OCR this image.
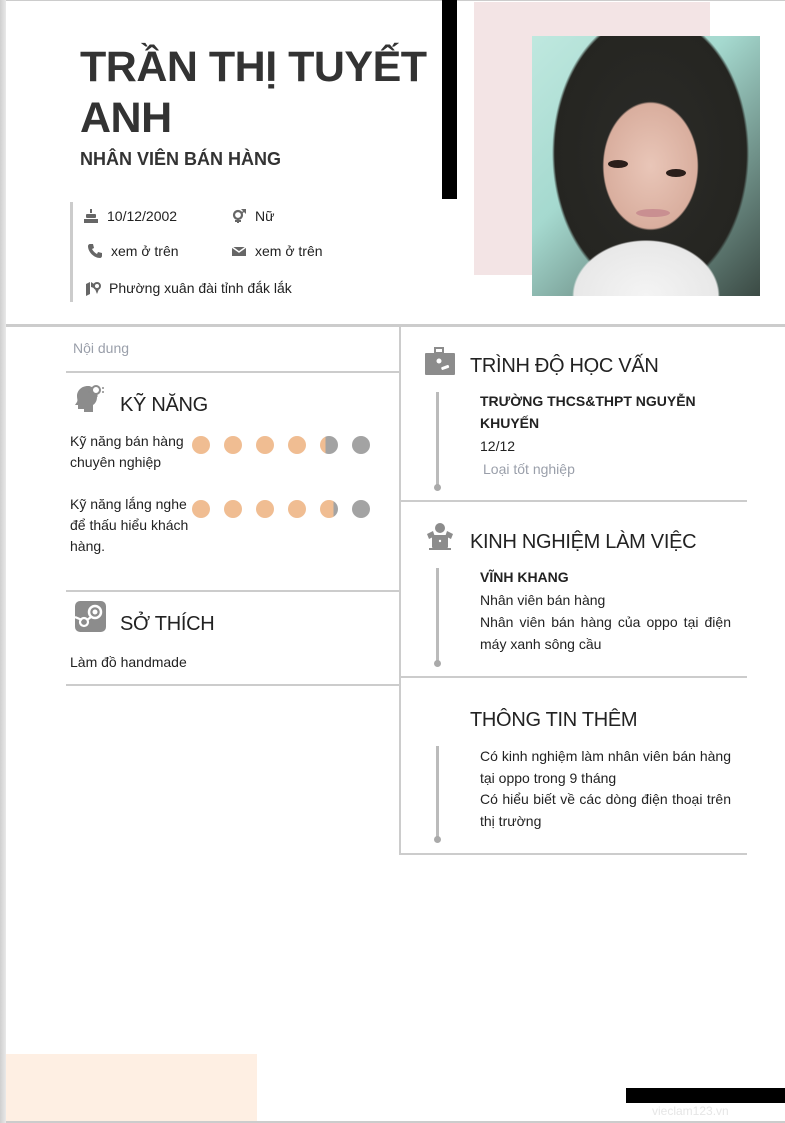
TRẦN THỊ TUYẾT ANH
NHÂN VIÊN BÁN HÀNG
10/12/2002	Nữ
xem ở trên	xem ở trên
Phường xuân đài tỉnh đắk lắk
Nội dung
KỸ NĂNG
Kỹ năng bán hàng chuyên nghiệp
Kỹ năng lắng nghe để thấu hiểu khách hàng.
SỞ THÍCH
Làm đồ handmade
TRÌNH ĐỘ HỌC VẤN
TRƯỜNG THCS&THPT NGUYỄN KHUYẾN
12/12
Loại tốt nghiệp
KINH NGHIỆM LÀM VIỆC
VĨNH KHANG
Nhân viên bán hàng
Nhân viên bán hàng của oppo tại điện máy xanh sông cầu
THÔNG TIN THÊM
Có kinh nghiệm làm nhân viên bán hàng tại oppo trong 9 tháng
Có hiểu biết về các dòng điện thoại trên thị trường
vieclam123.vn
